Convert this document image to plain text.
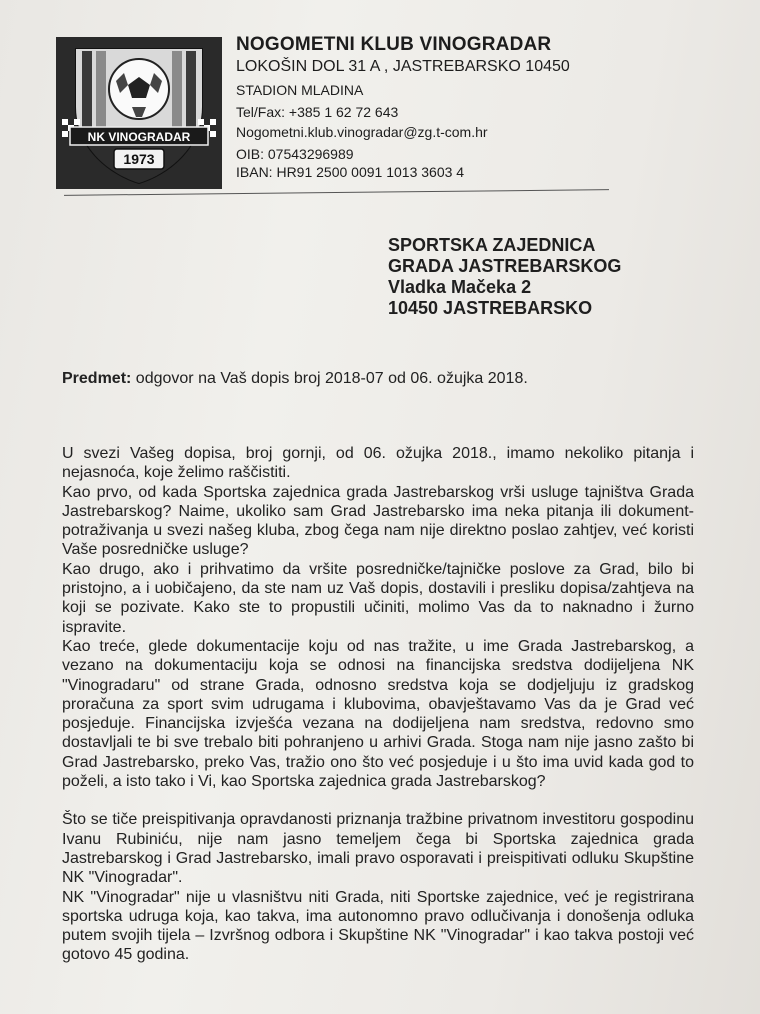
NK VINOGRADAR
1973
NOGOMETNI KLUB VINOGRADAR
LOKOŠIN DOL 31 A , JASTREBARSKO 10450
STADION MLADINA
Tel/Fax: +385 1 62 72 643
Nogometni.klub.vinogradar@zg.t-com.hr
OIB: 07543296989
IBAN: HR91 2500 0091 1013 3603 4
SPORTSKA ZAJEDNICA
GRADA JASTREBARSKOG
Vladka Mačeka 2
10450 JASTREBARSKO
Predmet: odgovor na Vaš dopis broj 2018-07 od 06. ožujka 2018.

U svezi Vašeg dopisa, broj gornji, od 06. ožujka 2018., imamo nekoliko pitanja i nejasnoća, koje želimo raščistiti.

Kao prvo, od kada Sportska zajednica grada Jastrebarskog vrši usluge tajništva Grada Jastrebarskog? Naime, ukoliko sam Grad Jastrebarsko ima neka pitanja ili dokument-potraživanja u svezi našeg kluba, zbog čega nam nije direktno poslao zahtjev, već koristi Vaše posredničke usluge?

Kao drugo, ako i prihvatimo da vršite posredničke/tajničke poslove za Grad, bilo bi pristojno, a i uobičajeno, da ste nam uz Vaš dopis, dostavili i presliku dopisa/zahtjeva na koji se pozivate. Kako ste to propustili učiniti, molimo Vas da to naknadno i žurno ispravite.

Kao treće, glede dokumentacije koju od nas tražite, u ime Grada Jastrebarskog, a vezano na dokumentaciju koja se odnosi na financijska sredstva dodijeljena NK "Vinogradaru" od strane Grada, odnosno sredstva koja se dodjeljuju iz gradskog proračuna za sport svim udrugama i klubovima, obavještavamo Vas da je Grad već posjeduje. Financijska izvješća vezana na dodijeljena nam sredstva, redovno smo dostavljali te bi sve trebalo biti pohranjeno u arhivi Grada. Stoga nam nije jasno zašto bi Grad Jastrebarsko, preko Vas, tražio ono što već posjeduje i u što ima uvid kada god to poželi, a isto tako i Vi, kao Sportska zajednica grada Jastrebarskog?

Što se tiče preispitivanja opravdanosti priznanja tražbine privatnom investitoru gospodinu Ivanu Rubiniću, nije nam jasno temeljem čega bi Sportska zajednica grada Jastrebarskog i Grad Jastrebarsko, imali pravo osporavati i preispitivati odluku Skupštine NK "Vinogradar".

NK "Vinogradar" nije u vlasništvu niti Grada, niti Sportske zajednice, već je registrirana sportska udruga koja, kao takva, ima autonomno pravo odlučivanja i donošenja odluka putem svojih tijela – Izvršnog odbora i Skupštine NK "Vinogradar" i kao takva postoji već gotovo 45 godina.
